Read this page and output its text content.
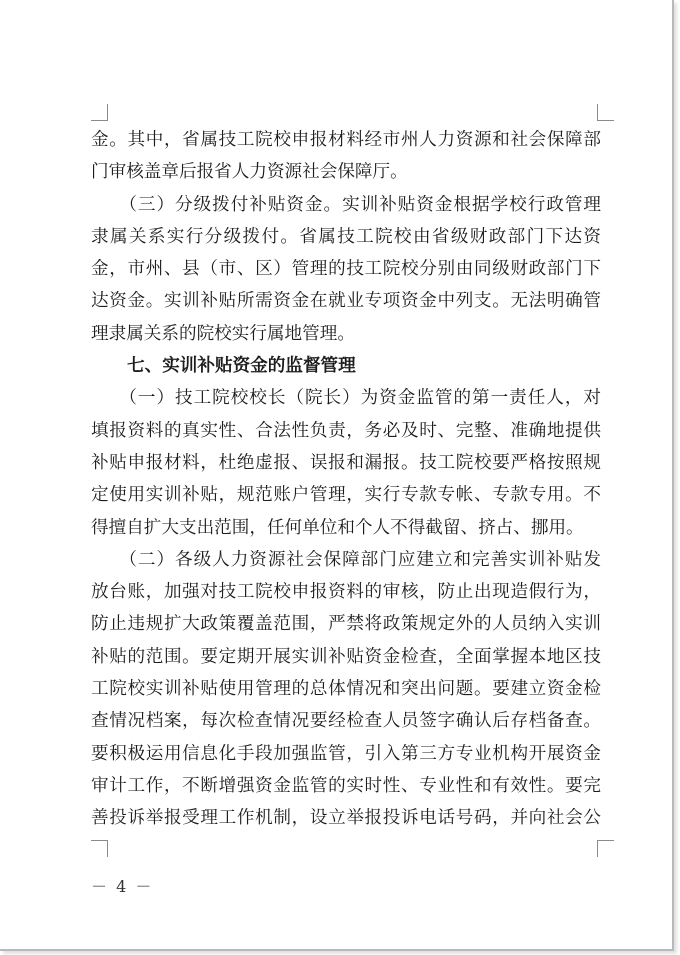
金。其中，省属技工院校申报材料经市州人力资源和社会保障部
门审核盖章后报省人力资源社会保障厅。
　　（三）分级拨付补贴资金。实训补贴资金根据学校行政管理
隶属关系实行分级拨付。省属技工院校由省级财政部门下达资
金，市州、县（市、区）管理的技工院校分别由同级财政部门下
达资金。实训补贴所需资金在就业专项资金中列支。无法明确管
理隶属关系的院校实行属地管理。
七、实训补贴资金的监督管理
　　（一）技工院校校长（院长）为资金监管的第一责任人，对
填报资料的真实性、合法性负责，务必及时、完整、准确地提供
补贴申报材料，杜绝虚报、误报和漏报。技工院校要严格按照规
定使用实训补贴，规范账户管理，实行专款专帐、专款专用。不
得擅自扩大支出范围，任何单位和个人不得截留、挤占、挪用。
　　（二）各级人力资源社会保障部门应建立和完善实训补贴发
放台账，加强对技工院校申报资料的审核，防止出现造假行为，
防止违规扩大政策覆盖范围，严禁将政策规定外的人员纳入实训
补贴的范围。要定期开展实训补贴资金检查，全面掌握本地区技
工院校实训补贴使用管理的总体情况和突出问题。要建立资金检
查情况档案，每次检查情况要经检查人员签字确认后存档备查。
要积极运用信息化手段加强监管，引入第三方专业机构开展资金
审计工作，不断增强资金监管的实时性、专业性和有效性。要完
善投诉举报受理工作机制，设立举报投诉电话号码，并向社会公
－ 4 －
